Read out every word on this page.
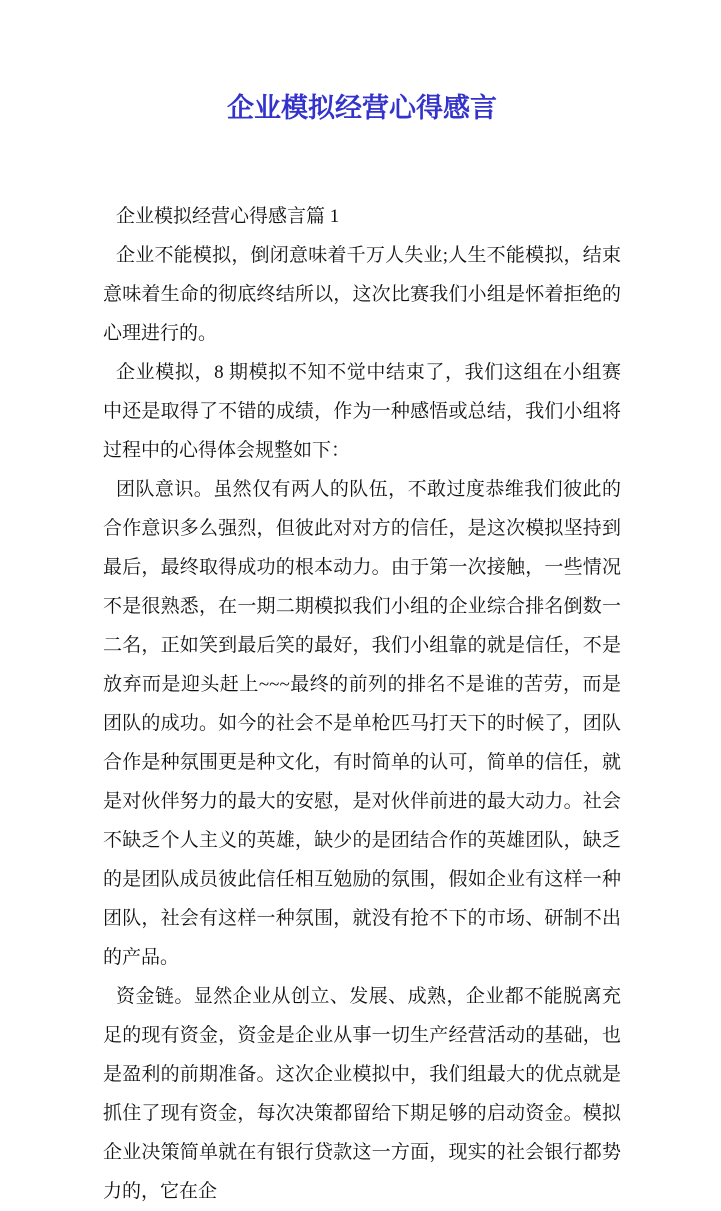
企业模拟经营心得感言

企业模拟经营心得感言篇 1

企业不能模拟，倒闭意味着千万人失业;人生不能模拟，结束意味着生命的彻底终结所以，这次比赛我们小组是怀着拒绝的心理进行的。

企业模拟，8 期模拟不知不觉中结束了，我们这组在小组赛中还是取得了不错的成绩，作为一种感悟或总结，我们小组将过程中的心得体会规整如下：

团队意识。虽然仅有两人的队伍，不敢过度恭维我们彼此的合作意识多么强烈，但彼此对对方的信任，是这次模拟坚持到最后，最终取得成功的根本动力。由于第一次接触，一些情况不是很熟悉，在一期二期模拟我们小组的企业综合排名倒数一二名，正如笑到最后笑的最好，我们小组靠的就是信任，不是放弃而是迎头赶上~~~最终的前列的排名不是谁的苦劳，而是团队的成功。如今的社会不是单枪匹马打天下的时候了，团队合作是种氛围更是种文化，有时简单的认可，简单的信任，就是对伙伴努力的最大的安慰，是对伙伴前进的最大动力。社会不缺乏个人主义的英雄，缺少的是团结合作的英雄团队，缺乏的是团队成员彼此信任相互勉励的氛围，假如企业有这样一种团队，社会有这样一种氛围，就没有抢不下的市场、研制不出的产品。

资金链。显然企业从创立、发展、成熟，企业都不能脱离充足的现有资金，资金是企业从事一切生产经营活动的基础，也是盈利的前期准备。这次企业模拟中，我们组最大的优点就是抓住了现有资金，每次决策都留给下期足够的启动资金。模拟企业决策简单就在有银行贷款这一方面，现实的社会银行都势力的，它在企
